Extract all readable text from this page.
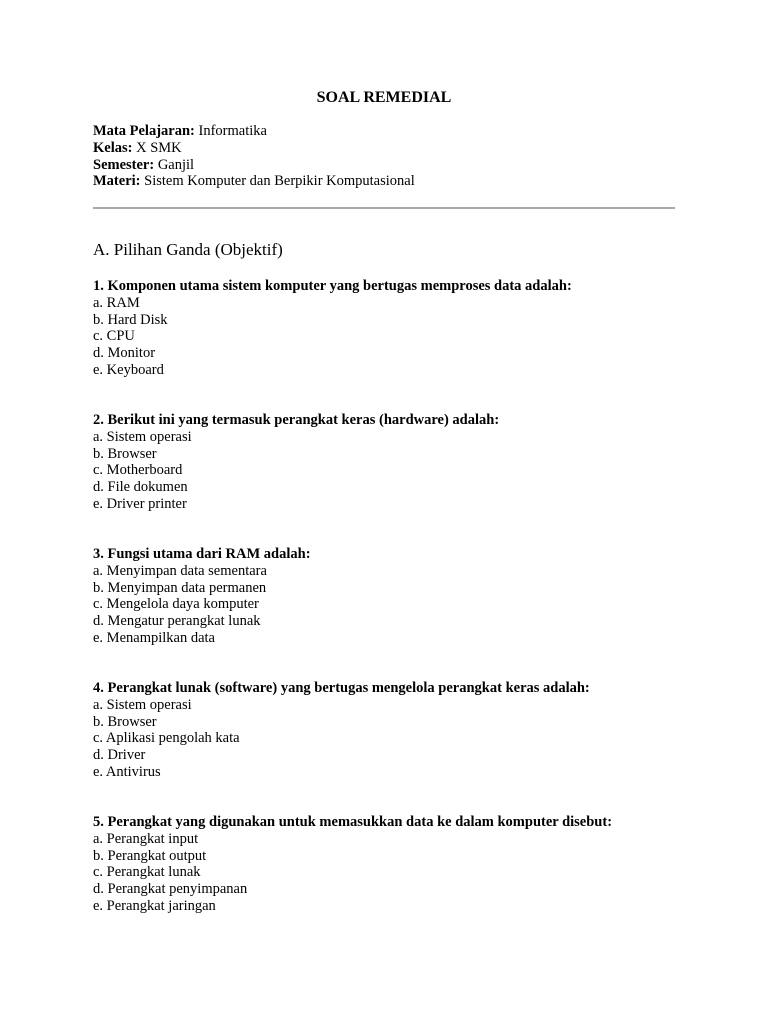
SOAL REMEDIAL
Mata Pelajaran: Informatika
Kelas: X SMK
Semester: Ganjil
Materi: Sistem Komputer dan Berpikir Komputasional
A. Pilihan Ganda (Objektif)
1. Komponen utama sistem komputer yang bertugas memproses data adalah:
a. RAM
b. Hard Disk
c. CPU
d. Monitor
e. Keyboard
2. Berikut ini yang termasuk perangkat keras (hardware) adalah:
a. Sistem operasi
b. Browser
c. Motherboard
d. File dokumen
e. Driver printer
3. Fungsi utama dari RAM adalah:
a. Menyimpan data sementara
b. Menyimpan data permanen
c. Mengelola daya komputer
d. Mengatur perangkat lunak
e. Menampilkan data
4. Perangkat lunak (software) yang bertugas mengelola perangkat keras adalah:
a. Sistem operasi
b. Browser
c. Aplikasi pengolah kata
d. Driver
e. Antivirus
5. Perangkat yang digunakan untuk memasukkan data ke dalam komputer disebut:
a. Perangkat input
b. Perangkat output
c. Perangkat lunak
d. Perangkat penyimpanan
e. Perangkat jaringan
